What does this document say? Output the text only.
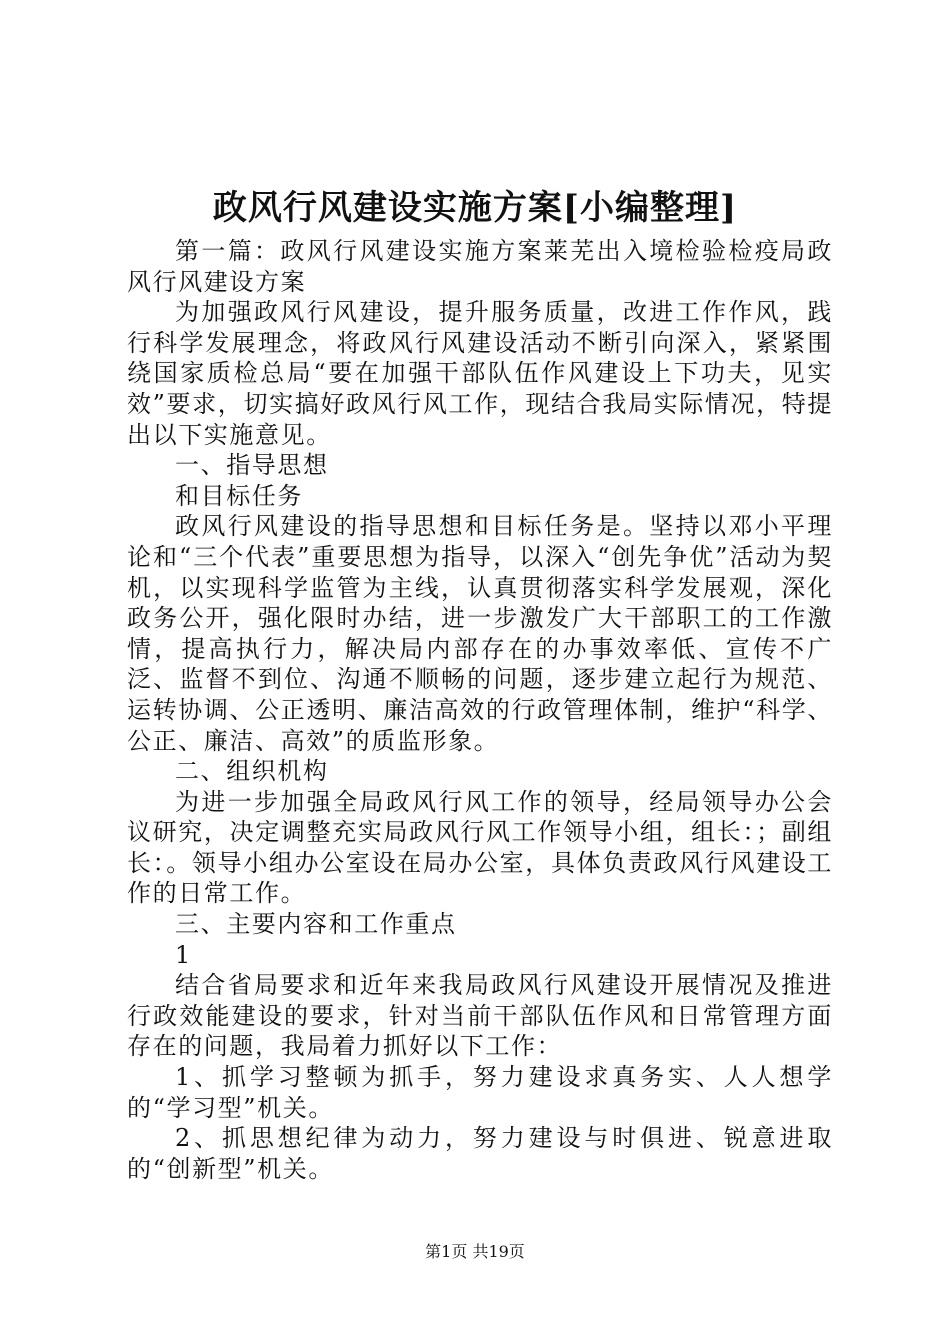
政风行风建设实施方案[小编整理]

第一篇：政风行风建设实施方案莱芜出入境检验检疫局政风行风建设方案

为加强政风行风建设，提升服务质量，改进工作作风，践行科学发展理念，将政风行风建设活动不断引向深入，紧紧围绕国家质检总局“要在加强干部队伍作风建设上下功夫，见实效”要求，切实搞好政风行风工作，现结合我局实际情况，特提出以下实施意见。

一、指导思想

和目标任务

政风行风建设的指导思想和目标任务是。坚持以邓小平理论和“三个代表”重要思想为指导，以深入“创先争优”活动为契机，以实现科学监管为主线，认真贯彻落实科学发展观，深化政务公开，强化限时办结，进一步激发广大干部职工的工作激情，提高执行力，解决局内部存在的办事效率低、宣传不广泛、监督不到位、沟通不顺畅的问题，逐步建立起行为规范、运转协调、公正透明、廉洁高效的行政管理体制，维护“科学、公正、廉洁、高效”的质监形象。

二、组织机构

为进一步加强全局政风行风工作的领导，经局领导办公会议研究，决定调整充实局政风行风工作领导小组，组长：；副组长：。领导小组办公室设在局办公室，具体负责政风行风建设工作的日常工作。

三、主要内容和工作重点

1

结合省局要求和近年来我局政风行风建设开展情况及推进行政效能建设的要求，针对当前干部队伍作风和日常管理方面存在的问题，我局着力抓好以下工作：

1、抓学习整顿为抓手，努力建设求真务实、人人想学的“学习型”机关。

2、抓思想纪律为动力，努力建设与时俱进、锐意进取的“创新型”机关。

第1页 共19页
